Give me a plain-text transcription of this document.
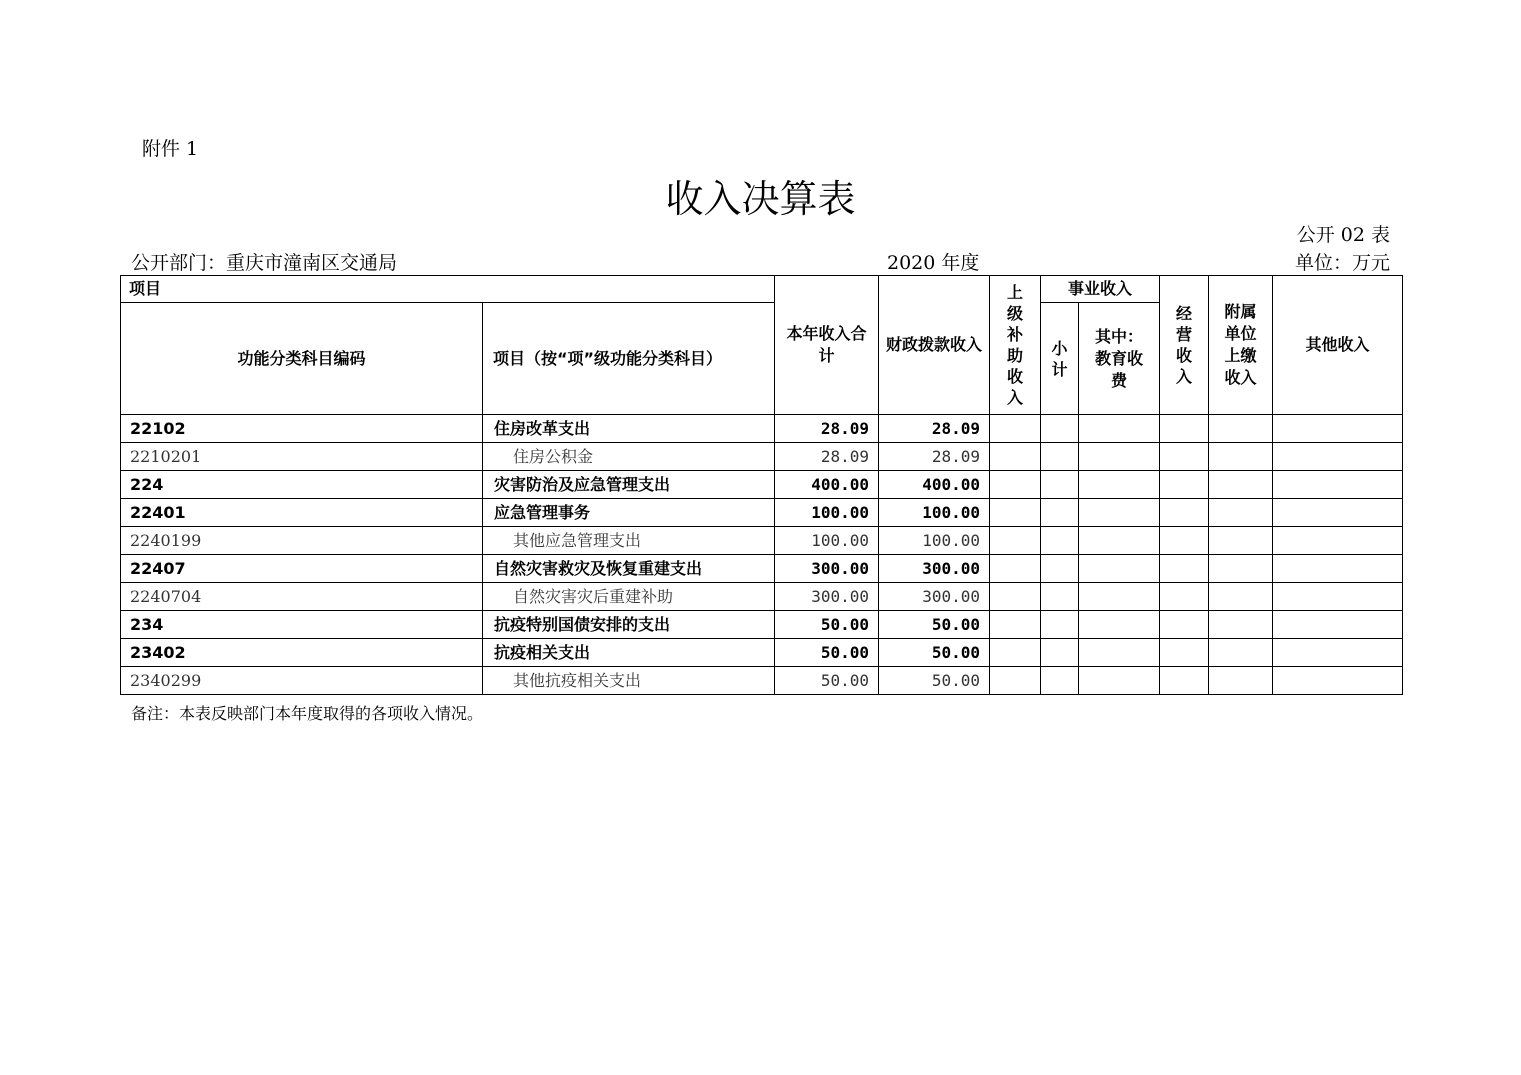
附件 1
收入决算表
公开 02 表
公开部门：重庆市潼南区交通局	2020 年度	单位：万元
项目		本年收入合计	财政拨款收入	上级补助收入	事业收入		经营收入	附属单位上缴收入	其他收入
功能分类科目编码	项目（按“项”级功能分类科目）				小计	其中：教育收费			

22102	住房改革支出	28.09	28.09						
2210201	住房公积金	28.09	28.09						
224	灾害防治及应急管理支出	400.00	400.00						
22401	应急管理事务	100.00	100.00						
2240199	其他应急管理支出	100.00	100.00						
22407	自然灾害救灾及恢复重建支出	300.00	300.00						
2240704	自然灾害灾后重建补助	300.00	300.00						
234	抗疫特别国债安排的支出	50.00	50.00						
23402	抗疫相关支出	50.00	50.00						
2340299	其他抗疫相关支出	50.00	50.00						
备注：本表反映部门本年度取得的各项收入情况。
